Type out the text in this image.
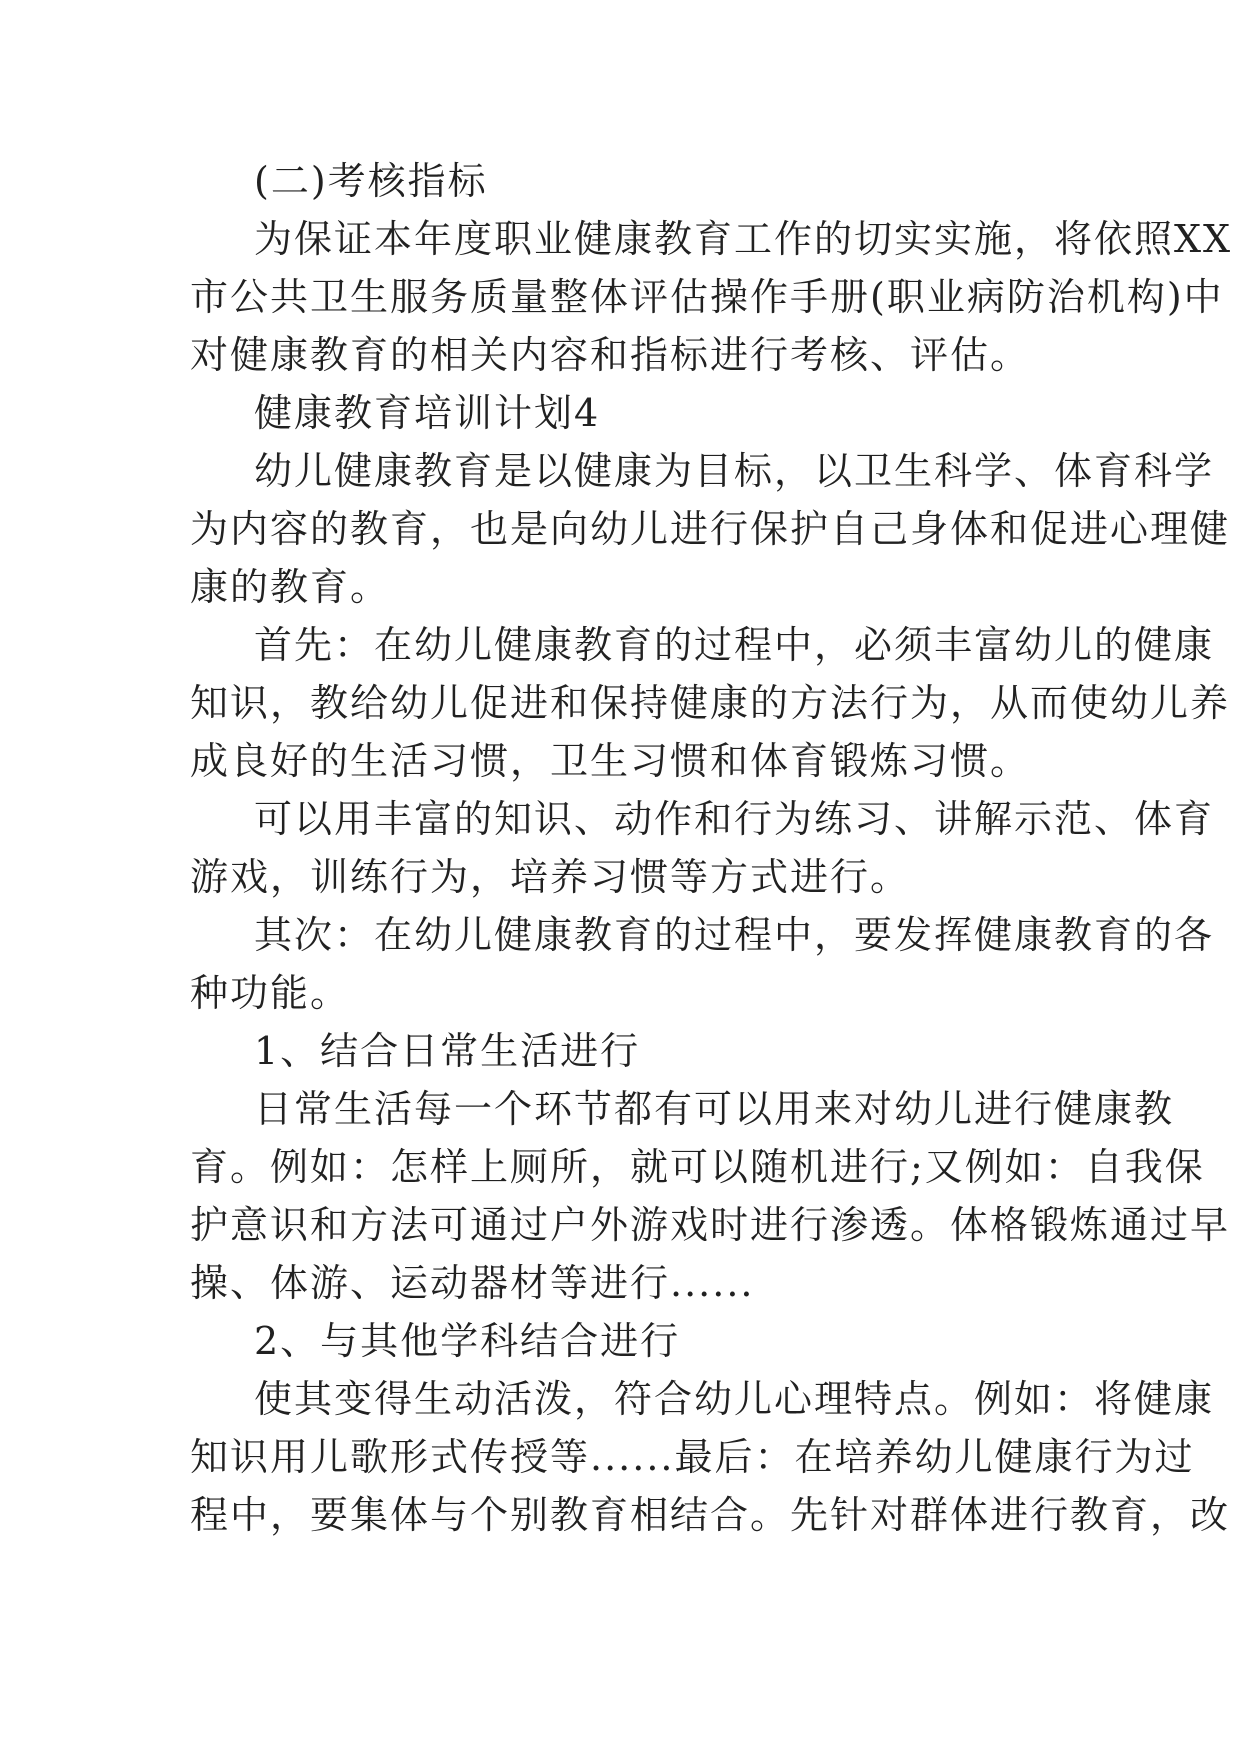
(二)考核指标
为保证本年度职业健康教育工作的切实实施，将依照XX
市公共卫生服务质量整体评估操作手册(职业病防治机构)中
对健康教育的相关内容和指标进行考核、评估。
健康教育培训计划4
幼儿健康教育是以健康为目标，以卫生科学、体育科学
为内容的教育，也是向幼儿进行保护自己身体和促进心理健
康的教育。
首先：在幼儿健康教育的过程中，必须丰富幼儿的健康
知识，教给幼儿促进和保持健康的方法行为，从而使幼儿养
成良好的生活习惯，卫生习惯和体育锻炼习惯。
可以用丰富的知识、动作和行为练习、讲解示范、体育
游戏，训练行为，培养习惯等方式进行。
其次：在幼儿健康教育的过程中，要发挥健康教育的各
种功能。
1、结合日常生活进行
日常生活每一个环节都有可以用来对幼儿进行健康教
育。例如：怎样上厕所，就可以随机进行;又例如：自我保
护意识和方法可通过户外游戏时进行渗透。体格锻炼通过早
操、体游、运动器材等进行......
2、与其他学科结合进行
使其变得生动活泼，符合幼儿心理特点。例如：将健康
知识用儿歌形式传授等......最后：在培养幼儿健康行为过
程中，要集体与个别教育相结合。先针对群体进行教育，改
